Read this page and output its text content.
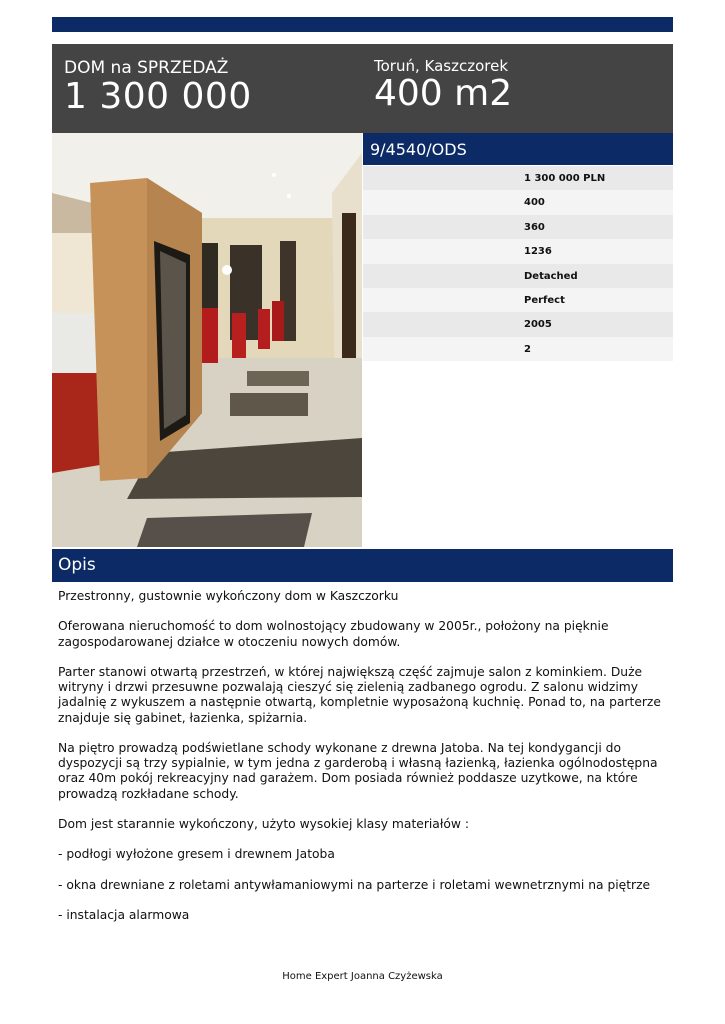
DOM na SPRZEDAŻ
1 300 000
Toruń, Kaszczorek
400 m2
9/4540/ODS
1 300 000 PLN
400
360
1236
Detached
Perfect
2005
2
Opis

Przestronny, gustownie wykończony dom w Kaszczorku

Oferowana nieruchomość to dom wolnostojący zbudowany w 2005r., położony na pięknie zagospodarowanej działce w otoczeniu nowych domów.

Parter stanowi otwartą przestrzeń, w której największą część zajmuje salon z kominkiem. Duże witryny i drzwi przesuwne pozwalają cieszyć się zielenią zadbanego ogrodu. Z salonu widzimy jadalnię z wykuszem a następnie otwartą, kompletnie wyposażoną kuchnię. Ponad to, na parterze znajduje się gabinet, łazienka, spiżarnia.

Na piętro prowadzą podświetlane schody wykonane z drewna Jatoba. Na tej kondygancji do dyspozycji są trzy sypialnie, w tym jedna z garderobą i własną łazienką, łazienka ogólnodostępna oraz 40m pokój rekreacyjny nad garażem. Dom posiada również poddasze uzytkowe, na które prowadzą rozkładane schody.

Dom jest starannie wykończony, użyto wysokiej klasy materiałów :

- podłogi wyłożone gresem i drewnem Jatoba

- okna drewniane z roletami antywłamaniowymi na parterze i roletami wewnetrznymi na piętrze

- instalacja alarmowa

Home Expert Joanna Czyżewska
